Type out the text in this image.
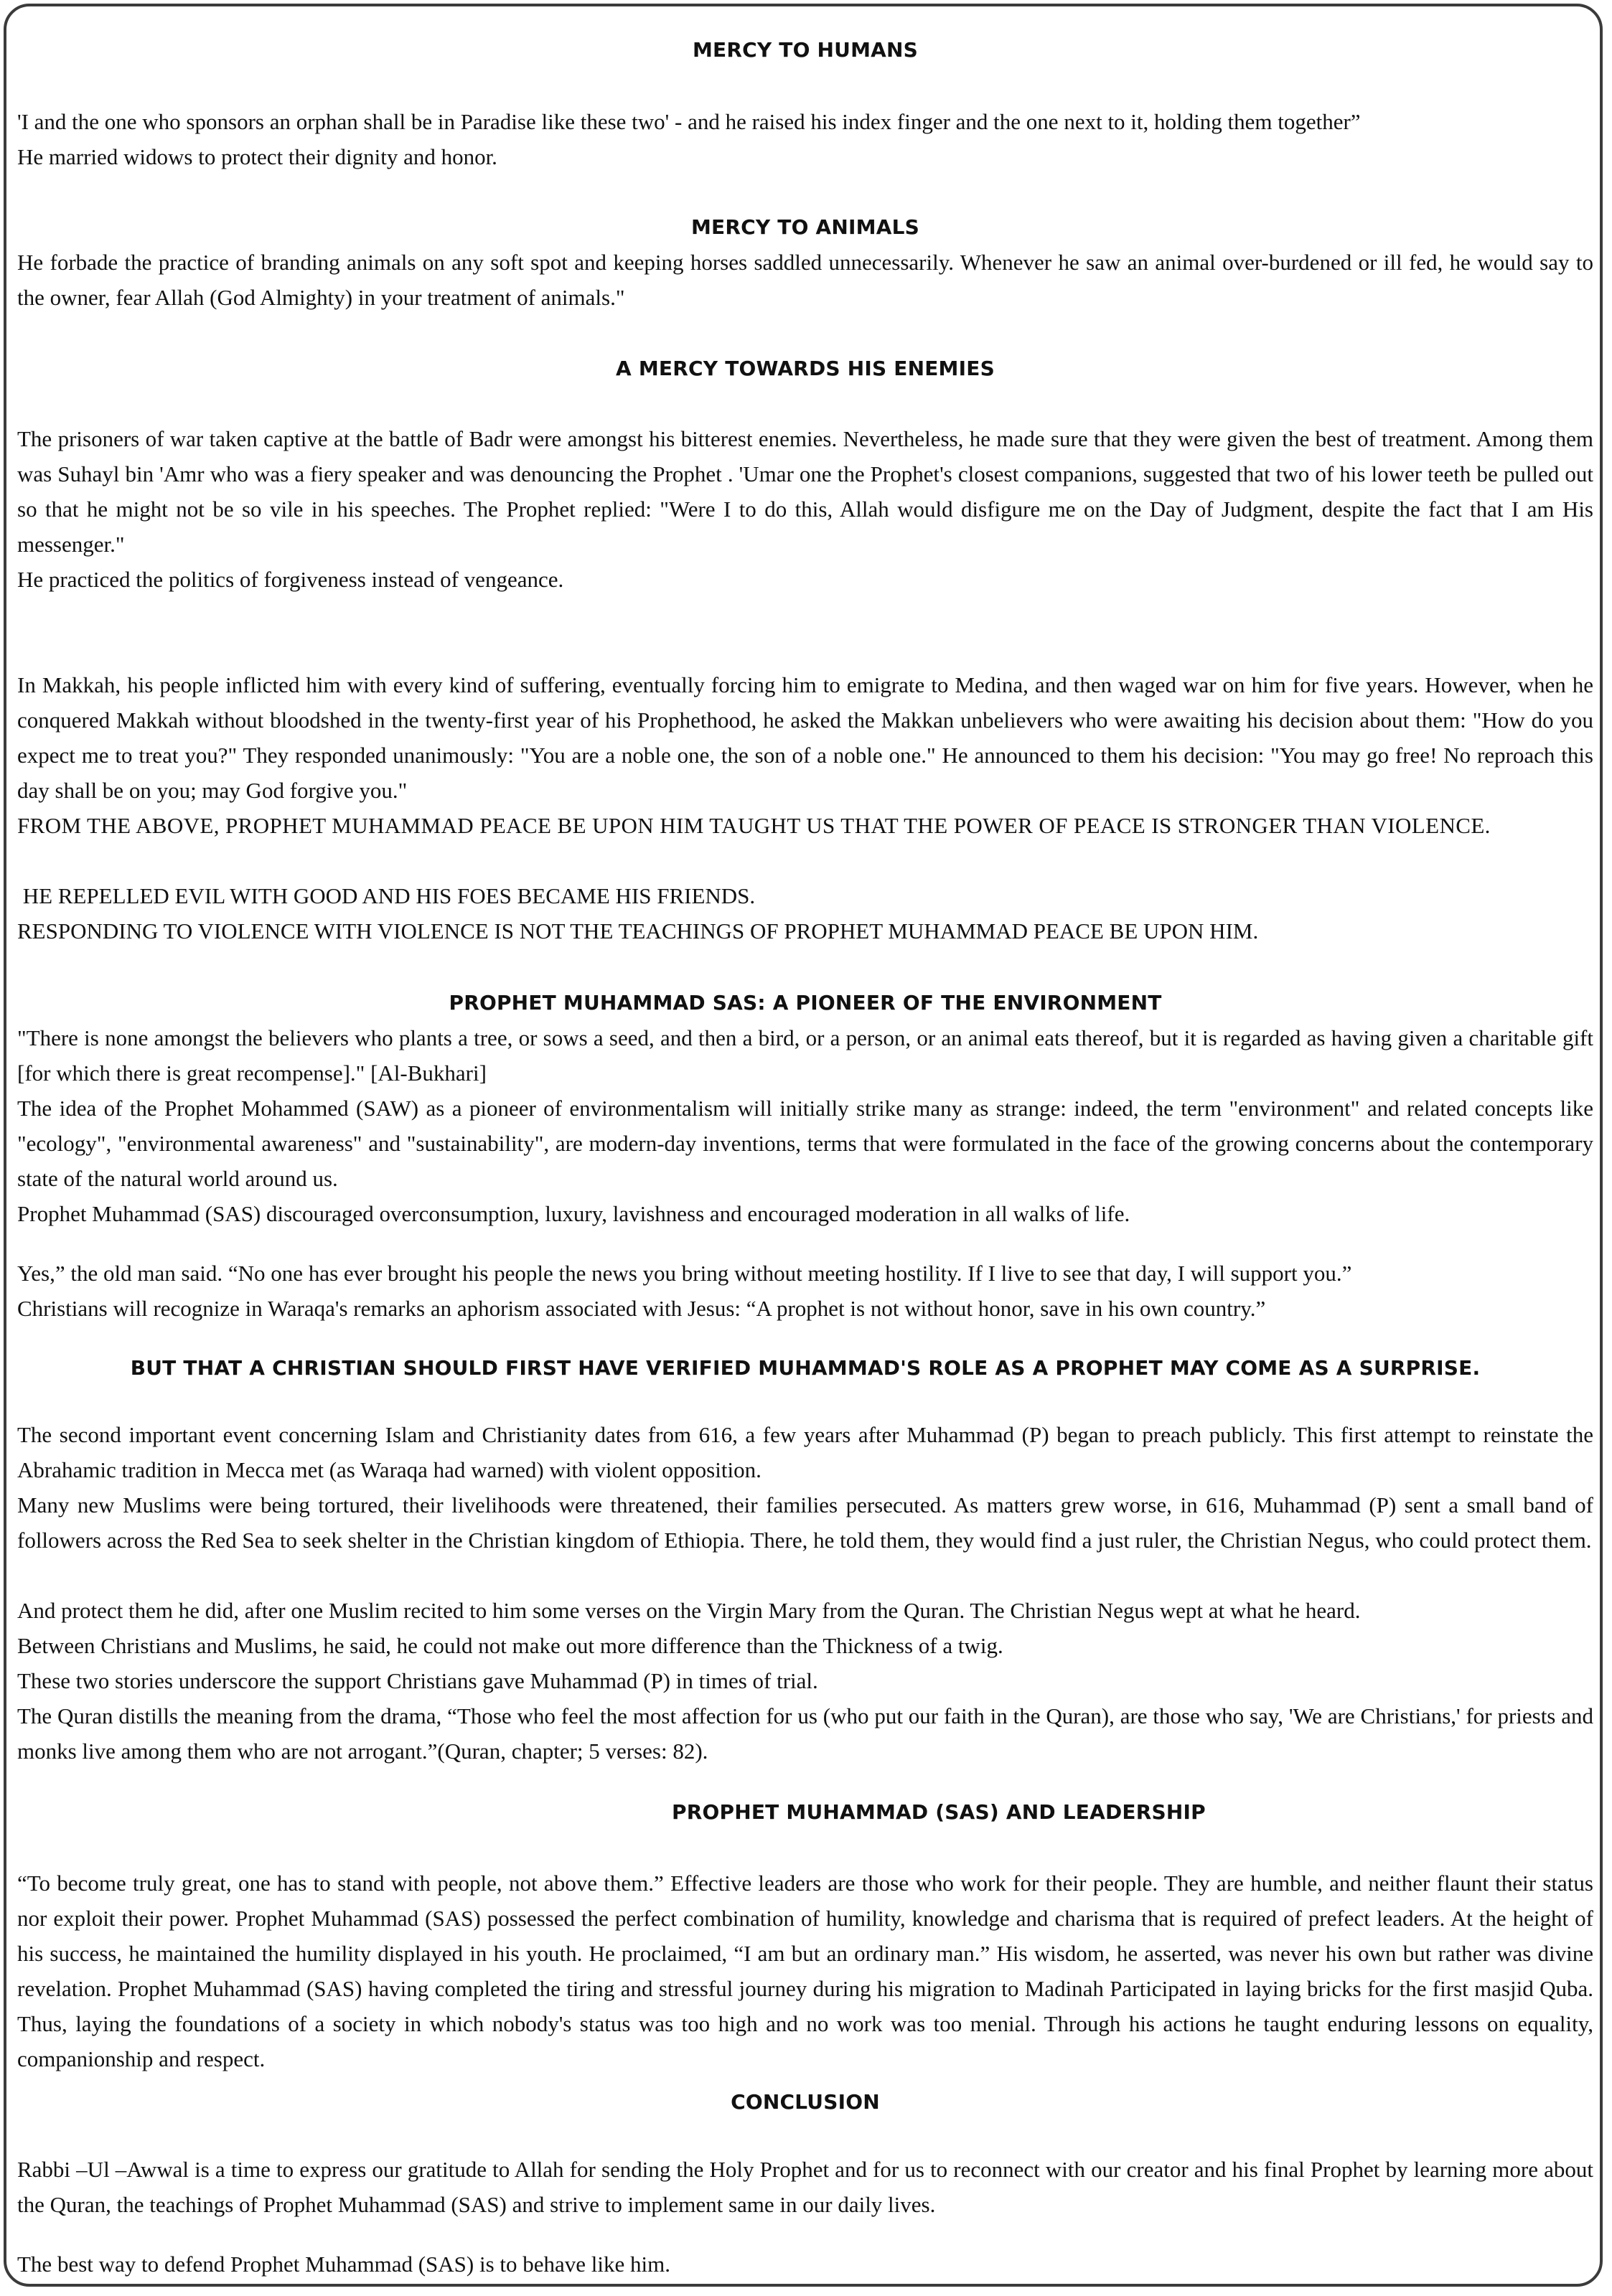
MERCY TO HUMANS

'I and the one who sponsors an orphan shall be in Paradise like these two' - and he raised his index finger and the one next to it, holding them together”

He married widows to protect their dignity and honor.

MERCY TO ANIMALS

He forbade the practice of branding animals on any soft spot and keeping horses saddled unnecessarily. Whenever he saw an animal over-burdened or ill fed, he would say to the owner, fear Allah (God Almighty) in your treatment of animals."

A MERCY TOWARDS HIS ENEMIES

The prisoners of war taken captive at the battle of Badr were amongst his bitterest enemies. Nevertheless, he made sure that they were given the best of treatment. Among them was Suhayl bin 'Amr who was a fiery speaker and was denouncing the Prophet . 'Umar one the Prophet's closest companions, suggested that two of his lower teeth be pulled out so that he might not be so vile in his speeches. The Prophet replied: "Were I to do this, Allah would disfigure me on the Day of Judgment, despite the fact that I am His messenger."

He practiced the politics of forgiveness instead of vengeance.

In Makkah, his people inflicted him with every kind of suffering, eventually forcing him to emigrate to Medina, and then waged war on him for five years. However, when he conquered Makkah without bloodshed in the twenty-first year of his Prophethood, he asked the Makkan unbelievers who were awaiting his decision about them: "How do you expect me to treat you?" They responded unanimously: "You are a noble one, the son of a noble one." He announced to them his decision: "You may go free! No reproach this day shall be on you; may God forgive you."

FROM THE ABOVE, PROPHET MUHAMMAD PEACE BE UPON HIM TAUGHT US THAT THE POWER OF PEACE IS STRONGER THAN VIOLENCE.

HE REPELLED EVIL WITH GOOD AND HIS FOES BECAME HIS FRIENDS.

RESPONDING TO VIOLENCE WITH VIOLENCE IS NOT THE TEACHINGS OF PROPHET MUHAMMAD PEACE BE UPON HIM.

PROPHET MUHAMMAD SAS: A PIONEER OF THE ENVIRONMENT

"There is none amongst the believers who plants a tree, or sows a seed, and then a bird, or a person, or an animal eats thereof, but it is regarded as having given a charitable gift [for which there is great recompense]." [Al-Bukhari]

The idea of the Prophet Mohammed (SAW) as a pioneer of environmentalism will initially strike many as strange: indeed, the term "environment" and related concepts like "ecology", "environmental awareness" and "sustainability", are modern-day inventions, terms that were formulated in the face of the growing concerns about the contemporary state of the natural world around us.

Prophet Muhammad (SAS) discouraged overconsumption, luxury, lavishness and encouraged moderation in all walks of life.

Yes,” the old man said. “No one has ever brought his people the news you bring without meeting hostility. If I live to see that day, I will support you.”

Christians will recognize in Waraqa's remarks an aphorism associated with Jesus: “A prophet is not without honor, save in his own country.”

BUT THAT A CHRISTIAN SHOULD FIRST HAVE VERIFIED MUHAMMAD'S ROLE AS A PROPHET MAY COME AS A SURPRISE.

The second important event concerning Islam and Christianity dates from 616, a few years after Muhammad (P) began to preach publicly. This first attempt to reinstate the Abrahamic tradition in Mecca met (as Waraqa had warned) with violent opposition.

Many new Muslims were being tortured, their livelihoods were threatened, their families persecuted. As matters grew worse, in 616, Muhammad (P) sent a small band of followers across the Red Sea to seek shelter in the Christian kingdom of Ethiopia. There, he told them, they would find a just ruler, the Christian Negus, who could protect them.

And protect them he did, after one Muslim recited to him some verses on the Virgin Mary from the Quran. The Christian Negus wept at what he heard.

Between Christians and Muslims, he said, he could not make out more difference than the Thickness of a twig.

These two stories underscore the support Christians gave Muhammad (P) in times of trial.

The Quran distills the meaning from the drama, “Those who feel the most affection for us (who put our faith in the Quran), are those who say, 'We are Christians,' for priests and monks live among them who are not arrogant.”(Quran, chapter; 5 verses: 82).

PROPHET MUHAMMAD (SAS) AND LEADERSHIP

“To become truly great, one has to stand with people, not above them.” Effective leaders are those who work for their people. They are humble, and neither flaunt their status nor exploit their power. Prophet Muhammad (SAS) possessed the perfect combination of humility, knowledge and charisma that is required of prefect leaders. At the height of his success, he maintained the humility displayed in his youth. He proclaimed, “I am but an ordinary man.” His wisdom, he asserted, was never his own but rather was divine revelation. Prophet Muhammad (SAS) having completed the tiring and stressful journey during his migration to Madinah Participated in laying bricks for the first masjid Quba. Thus, laying the foundations of a society in which nobody's status was too high and no work was too menial. Through his actions he taught enduring lessons on equality, companionship and respect.

CONCLUSION

Rabbi –Ul –Awwal is a time to express our gratitude to Allah for sending the Holy Prophet and for us to reconnect with our creator and his final Prophet by learning more about the Quran, the teachings of Prophet Muhammad (SAS) and strive to implement same in our daily lives.

The best way to defend Prophet Muhammad (SAS) is to behave like him.
